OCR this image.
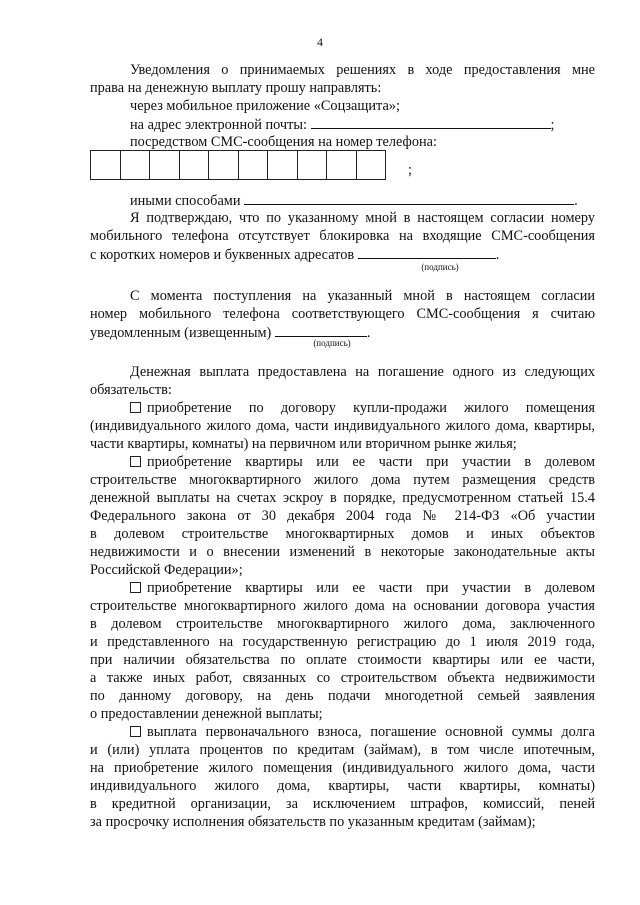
4
Уведомления о принимаемых решениях в ходе предоставления мне
права на денежную выплату прошу направлять:
через мобильное приложение «Соцзащита»;
на адрес электронной почты:	;
посредством СМС-сообщения на номер телефона:
;
иными способами	.
Я подтверждаю, что по указанному мной в настоящем согласии номеру
мобильного телефона отсутствует блокировка на входящие СМС-сообщения
с коротких номеров и буквенных адресатов	.
(подпись)
С момента поступления на указанный мной в настоящем согласии
номер мобильного телефона соответствующего СМС-сообщения я считаю
уведомленным (извещенным)	.
(подпись)
Денежная выплата предоставлена на погашение одного из следующих
обязательств:
приобретение по договору купли-продажи жилого помещения
(индивидуального жилого дома, части индивидуального жилого дома, квартиры,
части квартиры, комнаты) на первичном или вторичном рынке жилья;
приобретение квартиры или ее части при участии в долевом
строительстве многоквартирного жилого дома путем размещения средств
денежной выплаты на счетах эскроу в порядке, предусмотренном статьей 15.4
Федерального закона от 30 декабря 2004 года № 214-ФЗ «Об участии
в долевом строительстве многоквартирных домов и иных объектов
недвижимости и о внесении изменений в некоторые законодательные акты
Российской Федерации»;
приобретение квартиры или ее части при участии в долевом
строительстве многоквартирного жилого дома на основании договора участия
в долевом строительстве многоквартирного жилого дома, заключенного
и представленного на государственную регистрацию до 1 июля 2019 года,
при наличии обязательства по оплате стоимости квартиры или ее части,
а также иных работ, связанных со строительством объекта недвижимости
по данному договору, на день подачи многодетной семьей заявления
о предоставлении денежной выплаты;
выплата первоначального взноса, погашение основной суммы долга
и (или) уплата процентов по кредитам (займам), в том числе ипотечным,
на приобретение жилого помещения (индивидуального жилого дома, части
индивидуального жилого дома, квартиры, части квартиры, комнаты)
в кредитной организации, за исключением штрафов, комиссий, пеней
за просрочку исполнения обязательств по указанным кредитам (займам);
